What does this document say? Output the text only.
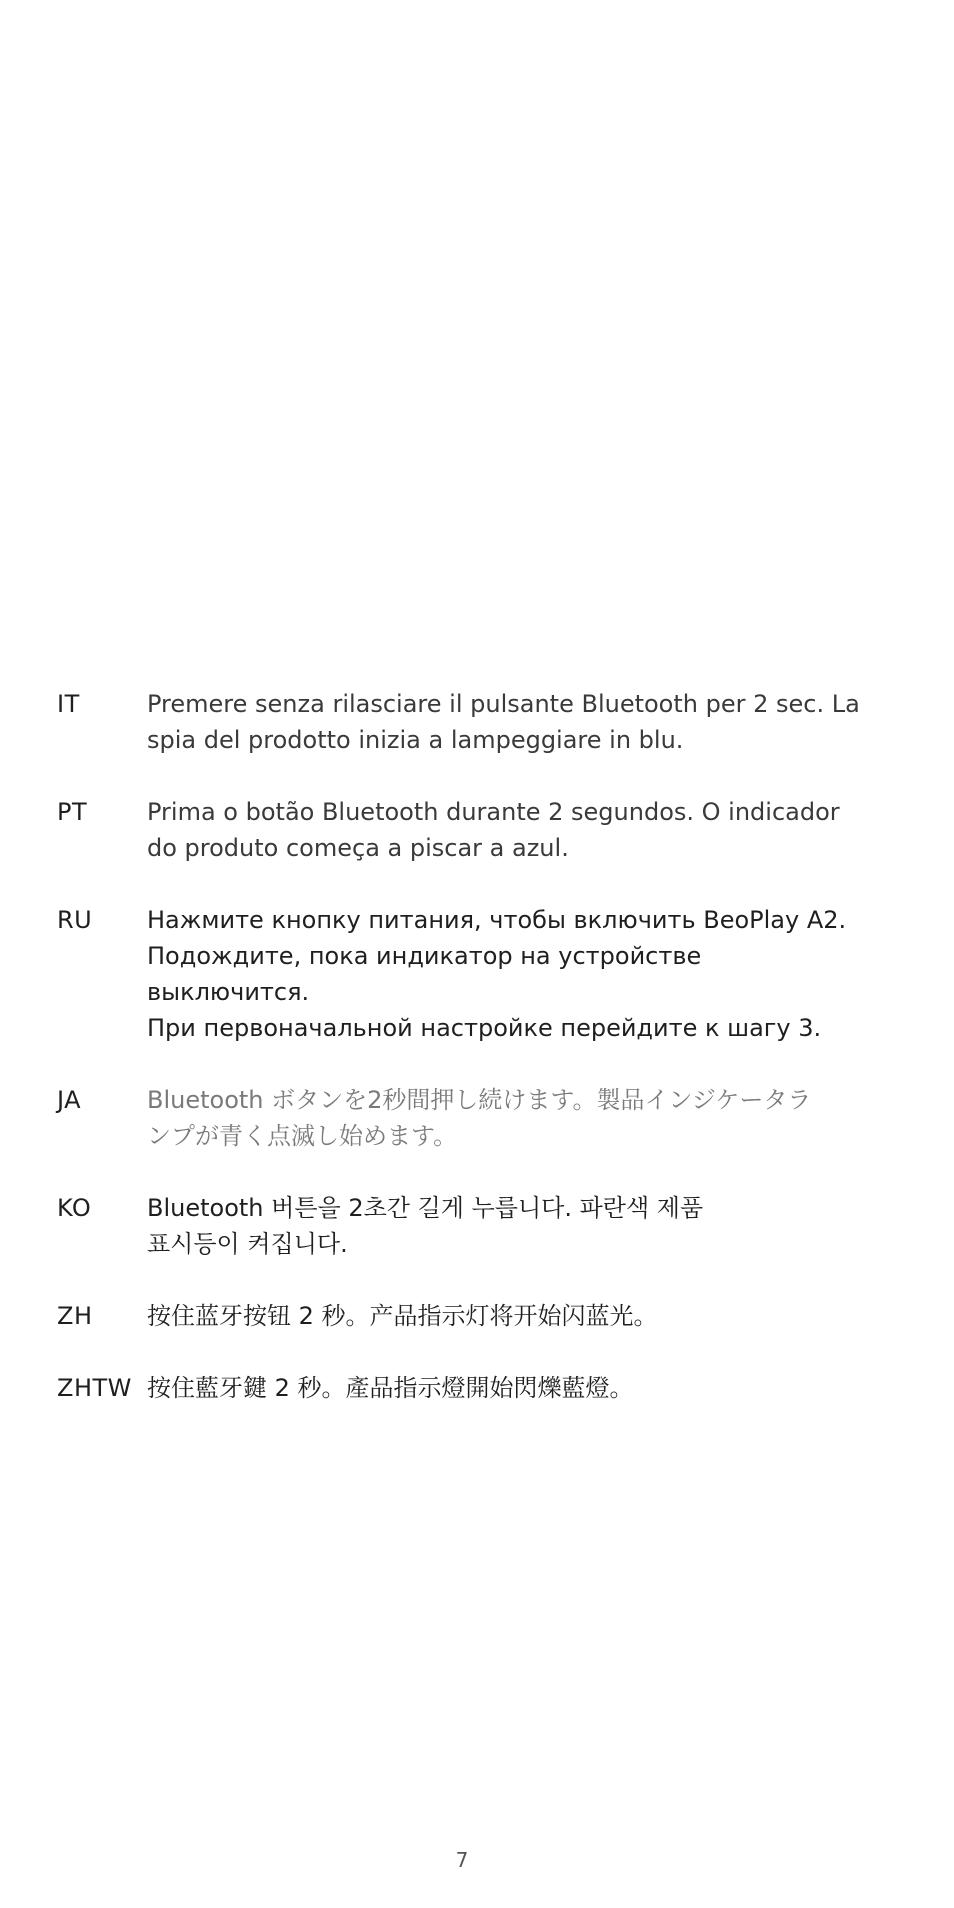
IT	Premere senza rilasciare il pulsante Bluetooth per 2 sec. La
spia del prodotto inizia a lampeggiare in blu.
PT Prima o botão Bluetooth durante 2 segundos. O indicador
do produto começa a piscar a azul.
RU Нажмите кнопку питания, чтобы включить BeoPlay A2.
Подождите, пока индикатор на устройстве
выключится.
При первоначальной настройке перейдите к шагу 3.
JA	Bluetooth ボタンを2秒間押し続けます。製品インジケータラ
ンプが青く点滅し始めます。
KO Bluetooth 버튼을 2초간 길게 누릅니다. 파란색 제품
표시등이 켜집니다.
ZH 按住蓝牙按钮 2 秒。产品指示灯将开始闪蓝光。
ZHTW 按住藍牙鍵 2 秒。產品指示燈開始閃爍藍燈。
7
